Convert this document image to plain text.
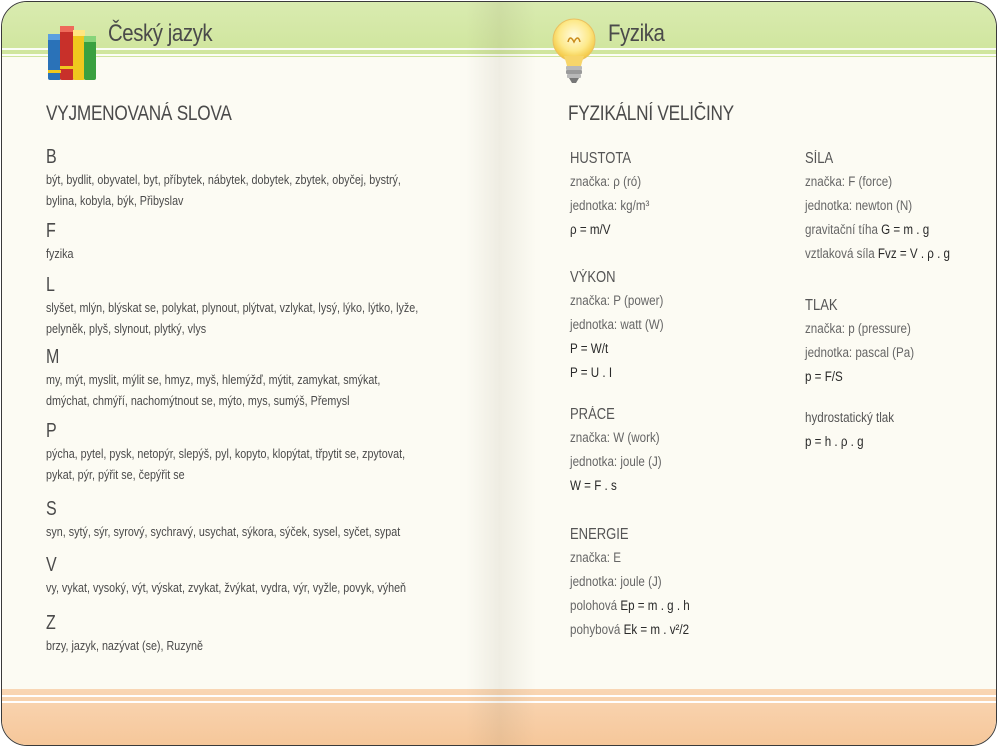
Český jazyk	Fyzika
VYJMENOVANÁ SLOVA
B
být, bydlit, obyvatel, byt, příbytek, nábytek, dobytek, zbytek, obyčej, bystrý, bylina, kobyla, býk, Přibyslav
F
fyzika
L
slyšet, mlýn, blýskat se, polykat, plynout, plýtvat, vzlykat, lysý, lýko, lýtko, lyže, pelyněk, plyš, slynout, plytký, vlys
M
my, mýt, myslit, mýlit se, hmyz, myš, hlemýžď, mýtit, zamykat, smýkat, dmýchat, chmýří, nachomýtnout se, mýto, mys, sumýš, Přemysl
P
pýcha, pytel, pysk, netopýr, slepýš, pyl, kopyto, klopýtat, třpytit se, zpytovat, pykat, pýr, pýřit se, čepýřit se
S
syn, sytý, sýr, syrový, sychravý, usychat, sýkora, sýček, sysel, syčet, sypat
V
vy, vykat, vysoký, výt, výskat, zvykat, žvýkat, vydra, výr, vyžle, povyk, výheň
Z
brzy, jazyk, nazývat (se), Ruzyně
FYZIKÁLNÍ VELIČINY
HUSTOTA
značka: ρ (ró)
jednotka: kg/m³
ρ = m/V
VÝKON
značka: P (power)
jednotka: watt (W)
P = W/t
P = U . I
PRÁCE
značka: W (work)
jednotka: joule (J)
W = F . s
ENERGIE
značka: E
jednotka: joule (J)
polohová Ep = m . g . h
pohybová Ek = m . v²/2
SÍLA
značka: F (force)
jednotka: newton (N)
gravitační tíha G = m . g
vztlaková síla Fvz = V . ρ . g
TLAK
značka: p (pressure)
jednotka: pascal (Pa)
p = F/S
hydrostatický tlak
p = h . ρ . g
